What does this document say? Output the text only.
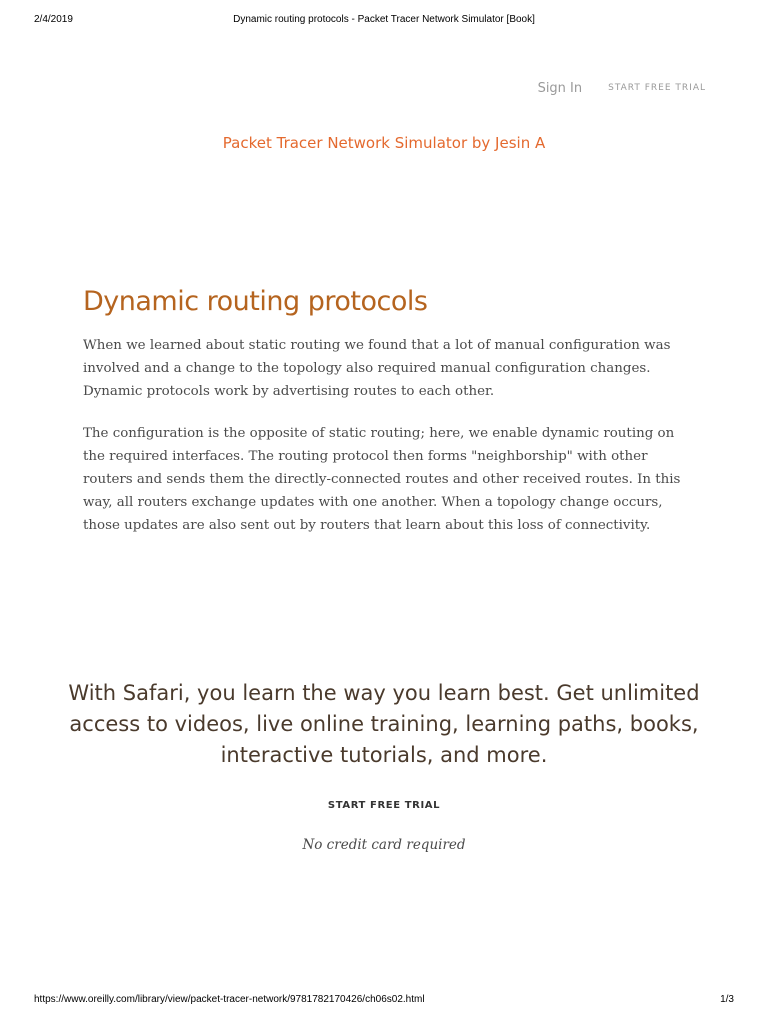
2/4/2019	Dynamic routing protocols - Packet Tracer Network Simulator [Book]
Sign In	START FREE TRIAL
Packet Tracer Network Simulator by Jesin A
Dynamic routing protocols

When we learned about static routing we found that a lot of manual configuration was involved and a change to the topology also required manual configuration changes. Dynamic protocols work by advertising routes to each other.

The configuration is the opposite of static routing; here, we enable dynamic routing on the required interfaces. The routing protocol then forms "neighborship" with other routers and sends them the directly-connected routes and other received routes. In this way, all routers exchange updates with one another. When a topology change occurs, those updates are also sent out by routers that learn about this loss of connectivity.

With Safari, you learn the way you learn best. Get unlimited access to videos, live online training, learning paths, books, interactive tutorials, and more.
START FREE TRIAL
No credit card required
https://www.oreilly.com/library/view/packet-tracer-network/9781782170426/ch06s02.html	1/3
